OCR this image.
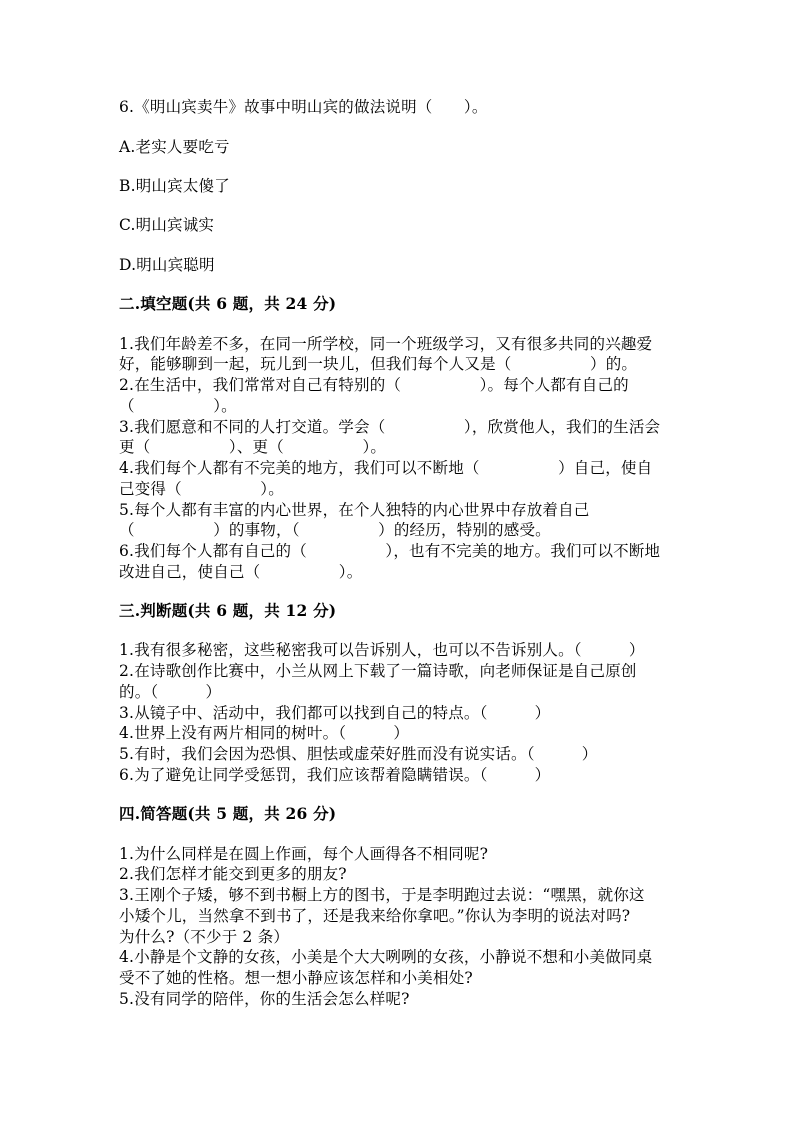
6.《明山宾卖牛》故事中明山宾的做法说明（　　）。
A.老实人要吃亏
B.明山宾太傻了
C.明山宾诚实
D.明山宾聪明
二.填空题(共 6 题，共 24 分)
1.我们年龄差不多，在同一所学校，同一个班级学习，又有很多共同的兴趣爱
好，能够聊到一起，玩儿到一块儿，但我们每个人又是（　　　　　）的。
2.在生活中，我们常常对自己有特别的（　　　　　）。每个人都有自己的
（　　　　　）。
3.我们愿意和不同的人打交道。学会（　　　　　），欣赏他人，我们的生活会
更（　　　　　）、更（　　　　　）。
4.我们每个人都有不完美的地方，我们可以不断地（　　　　　）自己，使自
己变得（　　　　　）。
5.每个人都有丰富的内心世界，在个人独特的内心世界中存放着自己
（　　　　　）的事物，（　　　　　）的经历，特别的感受。
6.我们每个人都有自己的（　　　　　），也有不完美的地方。我们可以不断地
改进自己，使自己（　　　　　）。
三.判断题(共 6 题，共 12 分)
1.我有很多秘密，这些秘密我可以告诉别人，也可以不告诉别人。（　　　）
2.在诗歌创作比赛中，小兰从网上下载了一篇诗歌，向老师保证是自己原创
的。（　　　）
3.从镜子中、活动中，我们都可以找到自己的特点。（　　　）
4.世界上没有两片相同的树叶。（　　　）
5.有时，我们会因为恐惧、胆怯或虚荣好胜而没有说实话。（　　　）
6.为了避免让同学受惩罚，我们应该帮着隐瞒错误。（　　　）
四.简答题(共 5 题，共 26 分)
1.为什么同样是在圆上作画，每个人画得各不相同呢?
2.我们怎样才能交到更多的朋友?
3.王刚个子矮，够不到书橱上方的图书，于是李明跑过去说：“嘿黑，就你这
小矮个儿，当然拿不到书了，还是我来给你拿吧。”你认为李明的说法对吗?
为什么?（不少于 2 条）
4.小静是个文静的女孩，小美是个大大咧咧的女孩，小静说不想和小美做同桌
受不了她的性格。想一想小静应该怎样和小美相处?
5.没有同学的陪伴，你的生活会怎么样呢?
